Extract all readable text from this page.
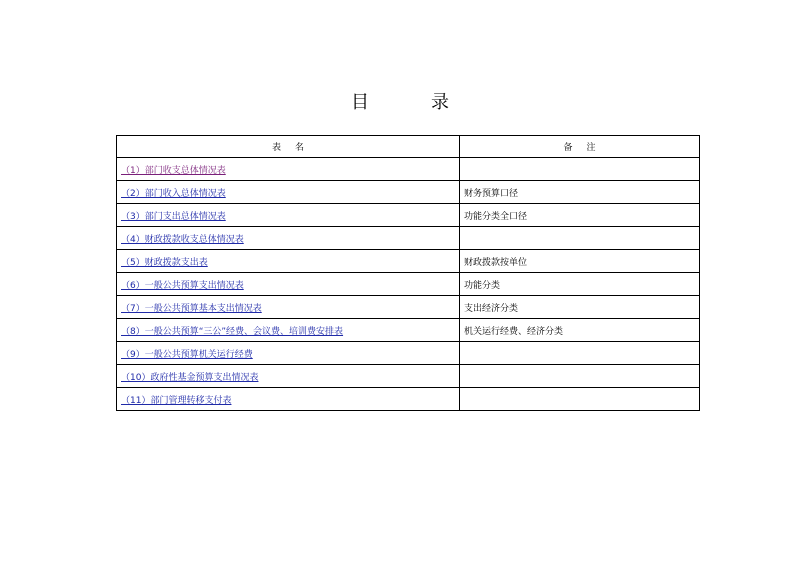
目　录
表名	备注
（1）部门收支总体情况表	
（2）部门收入总体情况表	财务预算口径
（3）部门支出总体情况表	功能分类全口径
（4）财政拨款收支总体情况表	
（5）财政拨款支出表	财政拨款按单位
（6）一般公共预算支出情况表	功能分类
（7）一般公共预算基本支出情况表	支出经济分类
（8）一般公共预算“三公”经费、会议费、培训费安排表	机关运行经费、经济分类
（9）一般公共预算机关运行经费	
（10）政府性基金预算支出情况表	
（11）部门管理转移支付表	
